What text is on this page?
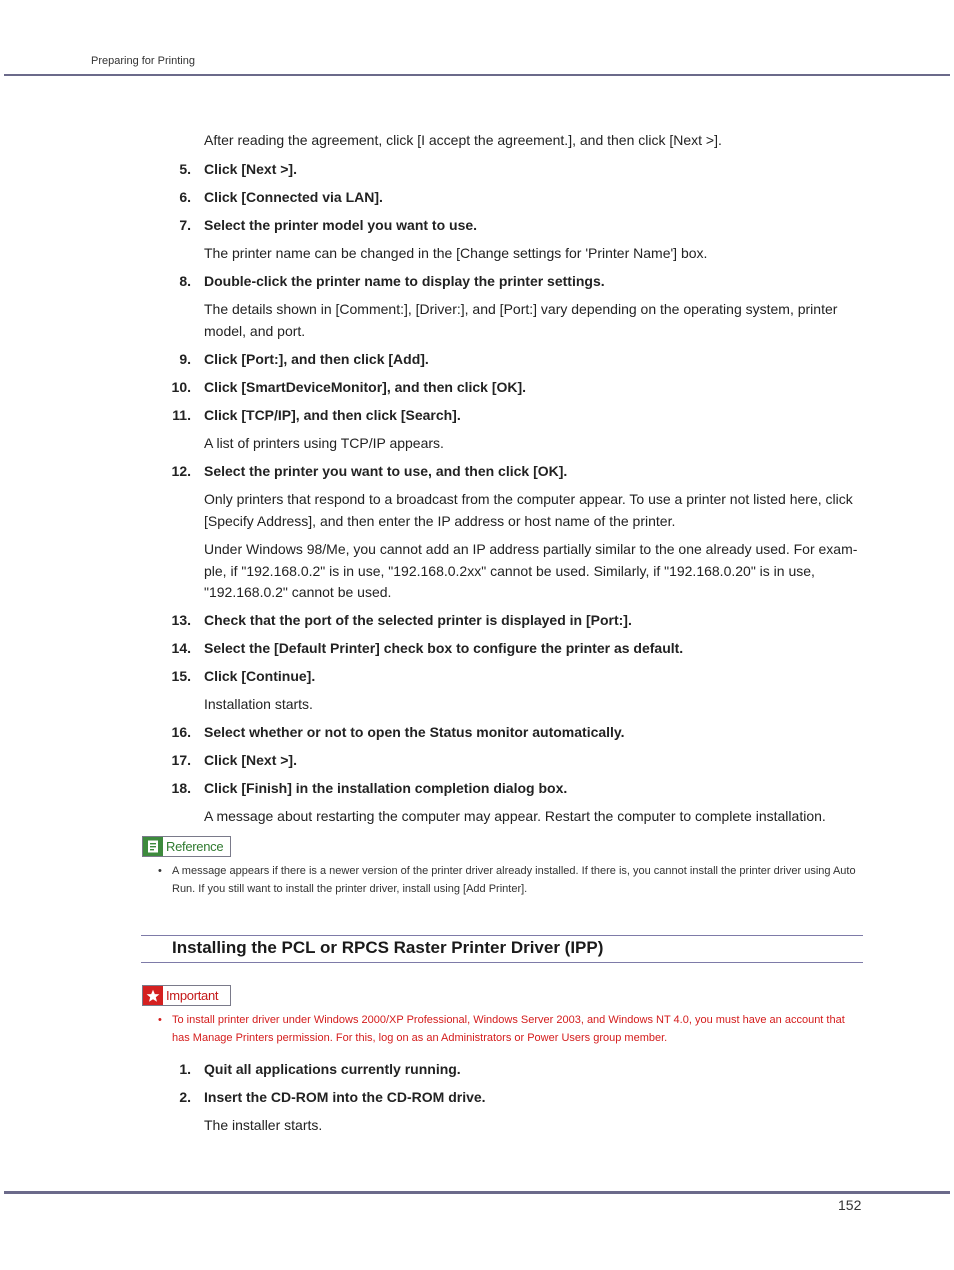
Preparing for Printing
After reading the agreement, click [I accept the agreement.], and then click [Next >].
5. Click [Next >].
6. Click [Connected via LAN].
7. Select the printer model you want to use.
The printer name can be changed in the [Change settings for 'Printer Name'] box.
8. Double-click the printer name to display the printer settings.
The details shown in [Comment:], [Driver:], and [Port:] vary depending on the operating system, printer model, and port.
9. Click [Port:], and then click [Add].
10. Click [SmartDeviceMonitor], and then click [OK].
11. Click [TCP/IP], and then click [Search].
A list of printers using TCP/IP appears.
12. Select the printer you want to use, and then click [OK].
Only printers that respond to a broadcast from the computer appear. To use a printer not listed here, click [Specify Address], and then enter the IP address or host name of the printer.
Under Windows 98/Me, you cannot add an IP address partially similar to the one already used. For exam-ple, if "192.168.0.2" is in use, "192.168.0.2xx" cannot be used. Similarly, if "192.168.0.20" is in use, "192.168.0.2" cannot be used.
13. Check that the port of the selected printer is displayed in [Port:].
14. Select the [Default Printer] check box to configure the printer as default.
15. Click [Continue].
Installation starts.
16. Select whether or not to open the Status monitor automatically.
17. Click [Next >].
18. Click [Finish] in the installation completion dialog box.
A message about restarting the computer may appear. Restart the computer to complete installation.
Reference
• A message appears if there is a newer version of the printer driver already installed. If there is, you cannot install the printer driver using Auto Run. If you still want to install the printer driver, install using [Add Printer].
Installing the PCL or RPCS Raster Printer Driver (IPP)
Important
• To install printer driver under Windows 2000/XP Professional, Windows Server 2003, and Windows NT 4.0, you must have an account that has Manage Printers permission. For this, log on as an Administrators or Power Users group member.
1. Quit all applications currently running.
2. Insert the CD-ROM into the CD-ROM drive.
The installer starts.
152
